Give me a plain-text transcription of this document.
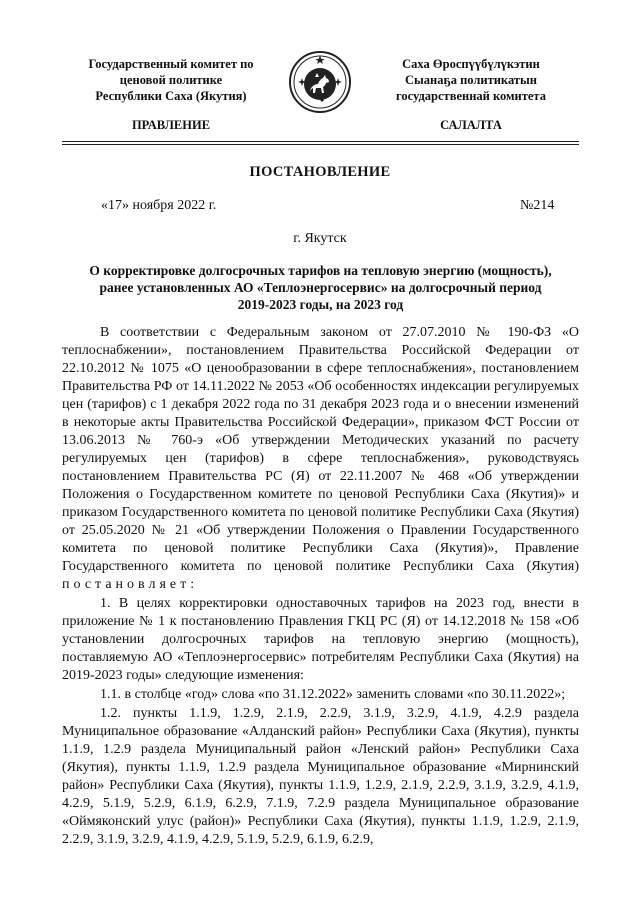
Государственный комитет по
ценовой политике
Республики Саха (Якутия)
Саха Өроспүүбүлүкэтин
Сыанаҕа политикатын
государственнай комитета
ПРАВЛЕНИЕ	САЛАЛТА
ПОСТАНОВЛЕНИЕ
«17» ноября 2022 г.	№214
г. Якутск
О корректировке долгосрочных тарифов на тепловую энергию (мощность),
ранее установленных АО «Теплоэнергосервис» на долгосрочный период
2019-2023 годы, на 2023 год

В соответствии с Федеральным законом от 27.07.2010 № 190-ФЗ «О теплоснабжении», постановлением Правительства Российской Федерации от 22.10.2012 № 1075 «О ценообразовании в сфере теплоснабжения», постановлением Правительства РФ от 14.11.2022 № 2053 «Об особенностях индексации регулируемых цен (тарифов) с 1 декабря 2022 года по 31 декабря 2023 года и о внесении изменений в некоторые акты Правительства Российской Федерации», приказом ФСТ России от 13.06.2013 № 760-э «Об утверждении Методических указаний по расчету регулируемых цен (тарифов) в сфере теплоснабжения», руководствуясь постановлением Правительства РС (Я) от 22.11.2007 № 468 «Об утверждении Положения о Государственном комитете по ценовой Республики Саха (Якутия)» и приказом Государственного комитета по ценовой политике Республики Саха (Якутия) от 25.05.2020 № 21 «Об утверждении Положения о Правлении Государственного комитета по ценовой политике Республики Саха (Якутия)», Правление Государственного комитета по ценовой политике Республики Саха (Якутия) постановляет:

1. В целях корректировки одноставочных тарифов на 2023 год, внести в приложение № 1 к постановлению Правления ГКЦ РС (Я) от 14.12.2018 № 158 «Об установлении долгосрочных тарифов на тепловую энергию (мощность), поставляемую АО «Теплоэнергосервис» потребителям Республики Саха (Якутия) на 2019-2023 годы» следующие изменения:

1.1. в столбце «год» слова «по 31.12.2022» заменить словами «по 30.11.2022»;

1.2. пункты 1.1.9, 1.2.9, 2.1.9, 2.2.9, 3.1.9, 3.2.9, 4.1.9, 4.2.9 раздела Муниципальное образование «Алданский район» Республики Саха (Якутия), пункты 1.1.9, 1.2.9 раздела Муниципальный район «Ленский район» Республики Саха (Якутия), пункты 1.1.9, 1.2.9 раздела Муниципальное образование «Мирнинский район» Республики Саха (Якутия), пункты 1.1.9, 1.2.9, 2.1.9, 2.2.9, 3.1.9, 3.2.9, 4.1.9, 4.2.9, 5.1.9, 5.2.9, 6.1.9, 6.2.9, 7.1.9, 7.2.9 раздела Муниципальное образование «Оймяконский улус (район)» Республики Саха (Якутия), пункты 1.1.9, 1.2.9, 2.1.9, 2.2.9, 3.1.9, 3.2.9, 4.1.9, 4.2.9, 5.1.9, 5.2.9, 6.1.9, 6.2.9,
